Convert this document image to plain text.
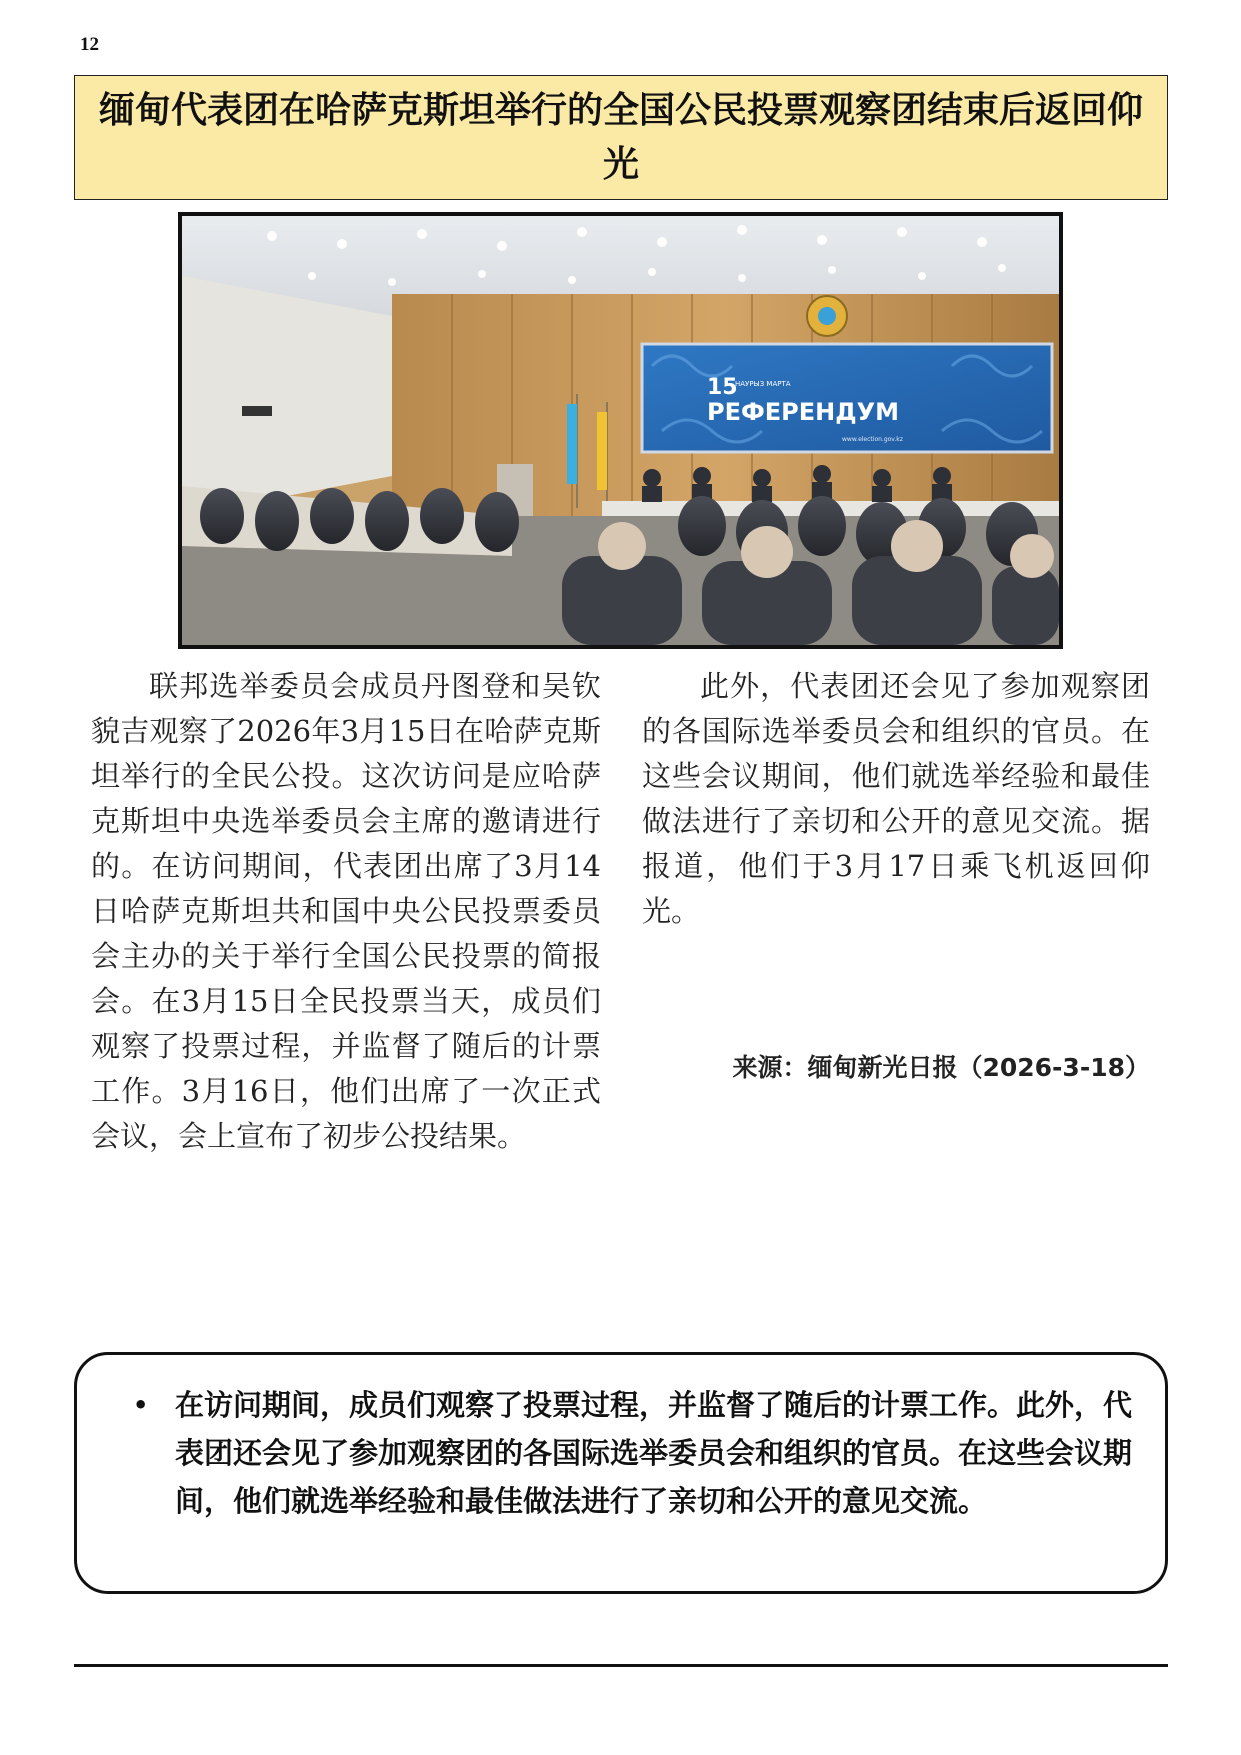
12
缅甸代表团在哈萨克斯坦举行的全国公民投票观察团结束后返回仰光
15
НАУРЫЗ МАРТА
РЕФЕРЕНДУМ
www.election.gov.kz

联邦选举委员会成员丹图登和吴钦貌吉观察了2026年3月15日在哈萨克斯坦举行的全民公投。这次访问是应哈萨克斯坦中央选举委员会主席的邀请进行的。在访问期间，代表团出席了3月14日哈萨克斯坦共和国中央公民投票委员会主办的关于举行全国公民投票的简报会。在3月15日全民投票当天，成员们观察了投票过程，并监督了随后的计票工作。3月16日，他们出席了一次正式会议，会上宣布了初步公投结果。

此外，代表团还会见了参加观察团的各国际选举委员会和组织的官员。在这些会议期间，他们就选举经验和最佳做法进行了亲切和公开的意见交流。据报道，他们于3月17日乘飞机返回仰光。

来源：缅甸新光日报（2026-3-18）
• 在访问期间，成员们观察了投票过程，并监督了随后的计票工作。此外，代表团还会见了参加观察团的各国际选举委员会和组织的官员。在这些会议期间，他们就选举经验和最佳做法进行了亲切和公开的意见交流。
